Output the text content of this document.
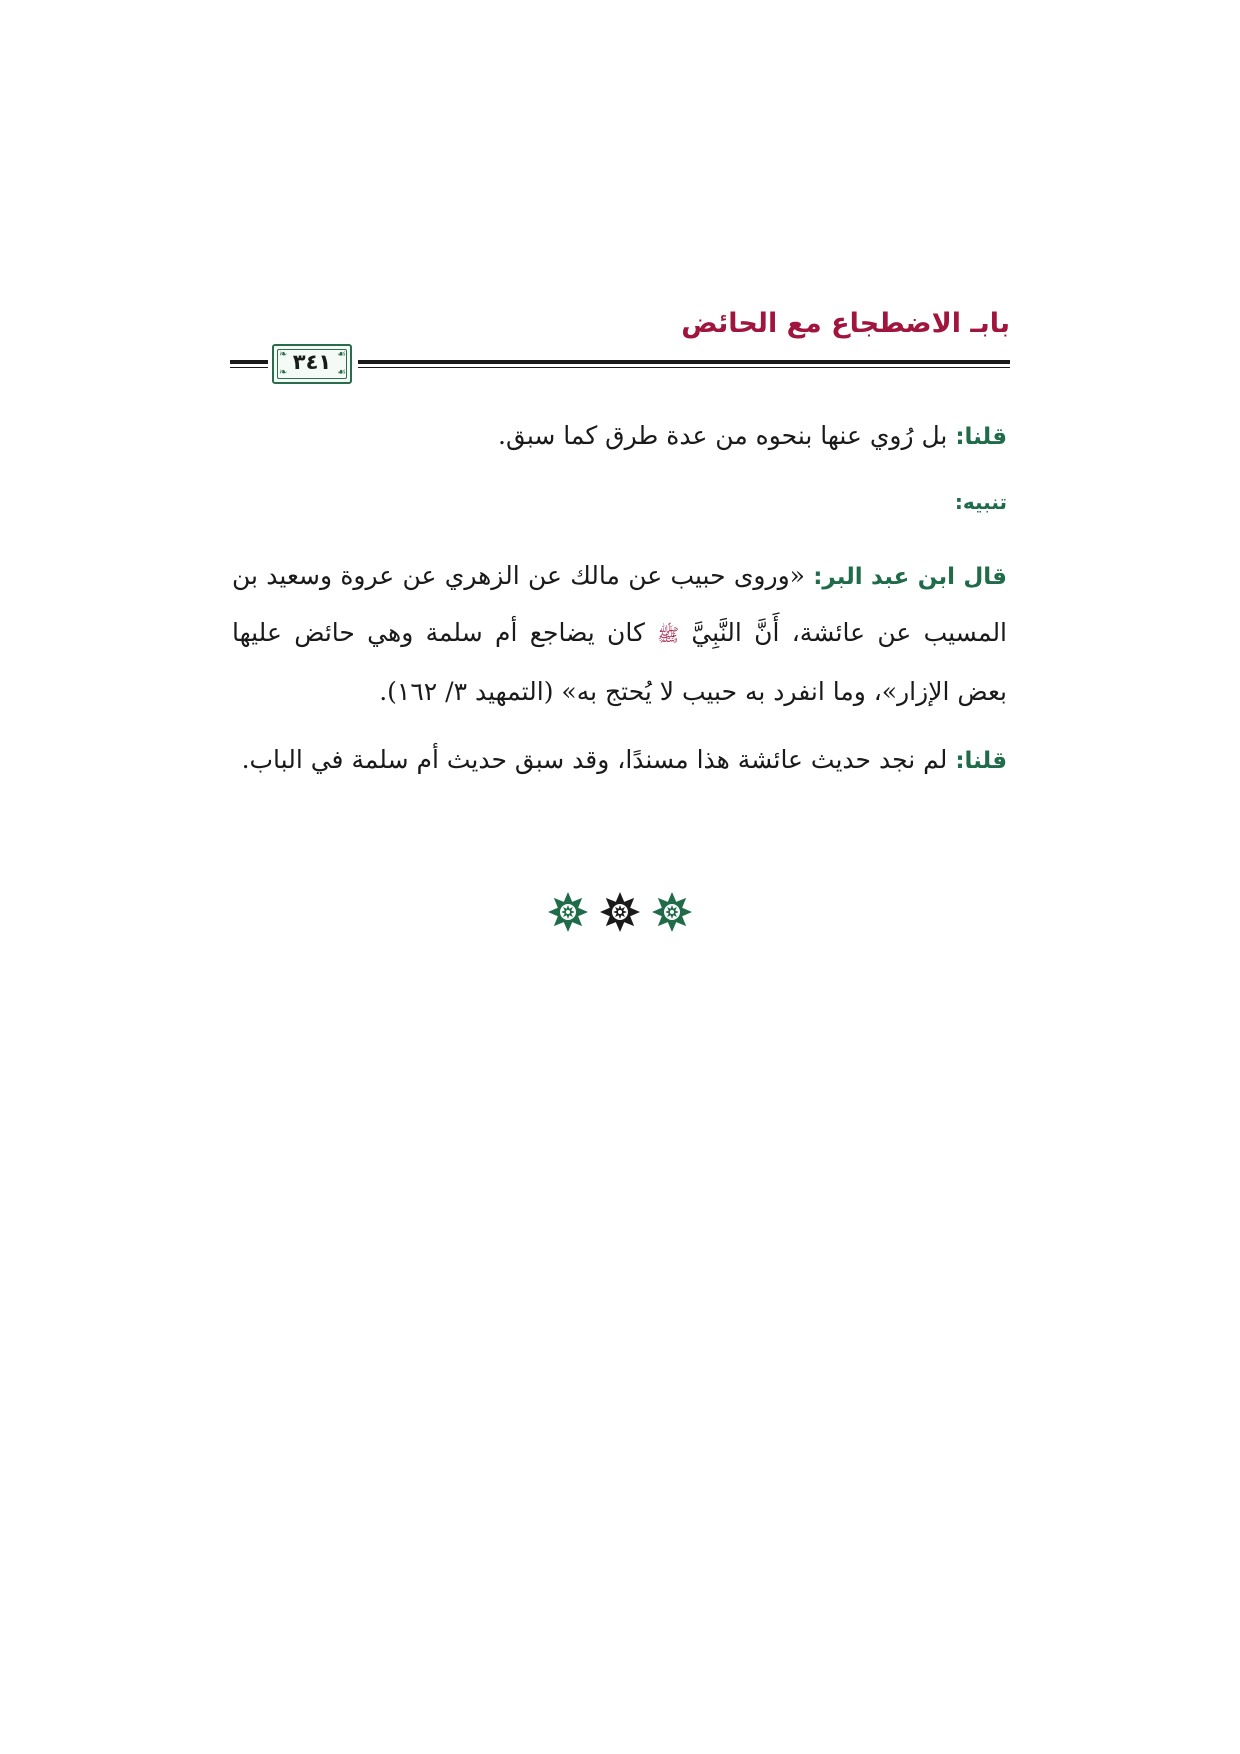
بابـ الاضطجاع مع الحائض
❧	☙
❧	☙
٣٤١

قلنا: بل رُوي عنها بنحوه من عدة طرق كما سبق.

تنبيه:

قال ابن عبد البر: «وروى حبيب عن مالك عن الزهري عن عروة وسعيد بن المسيب عن عائشة، أَنَّ النَّبِيَّ ﷺ كان يضاجع أم سلمة وهي حائض عليها بعض الإزار»، وما انفرد به حبيب لا يُحتج به» (التمهيد ٣/ ١٦٢).

قلنا: لم نجد حديث عائشة هذا مسندًا، وقد سبق حديث أم سلمة في الباب.
